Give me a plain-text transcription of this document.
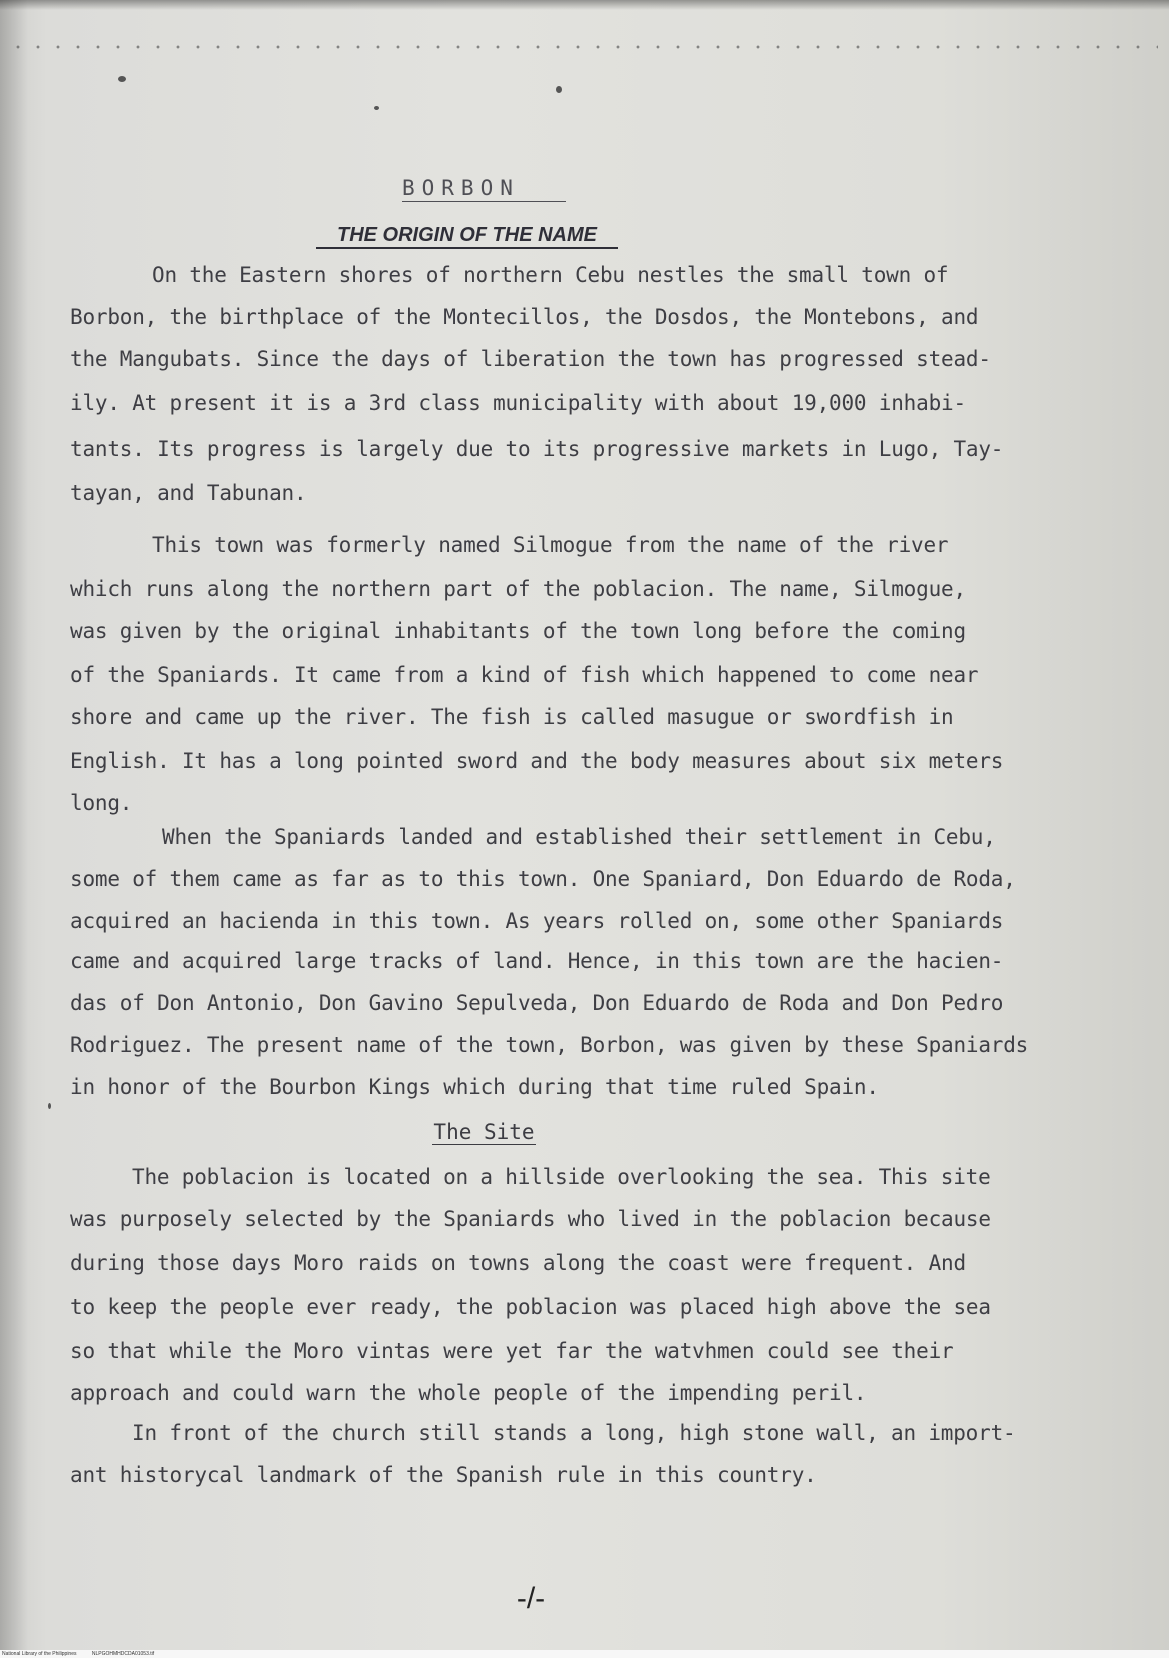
BORBON
THE ORIGIN OF THE NAME
On the Eastern shores of northern Cebu nestles the small town of
Borbon, the birthplace of the Montecillos, the Dosdos, the Montebons, and
the Mangubats. Since the days of liberation the town has progressed stead-
ily. At present it is a 3rd class municipality with about 19,000 inhabi-
tants. Its progress is largely due to its progressive markets in Lugo, Tay-
tayan, and Tabunan.
This town was formerly named Silmogue from the name of the river
which runs along the northern part of the poblacion. The name, Silmogue,
was given by the original inhabitants of the town long before the coming
of the Spaniards. It came from a kind of fish which happened to come near
shore and came up the river. The fish is called masugue or swordfish in
English. It has a long pointed sword and the body measures about six meters
long.
When the Spaniards landed and established their settlement in Cebu,
some of them came as far as to this town. One Spaniard, Don Eduardo de Roda,
acquired an hacienda in this town. As years rolled on, some other Spaniards
came and acquired large tracks of land. Hence, in this town are the hacien-
das of Don Antonio, Don Gavino Sepulveda, Don Eduardo de Roda and Don Pedro
Rodriguez. The present name of the town, Borbon, was given by these Spaniards
in honor of the Bourbon Kings which during that time ruled Spain.
The Site
The poblacion is located on a hillside overlooking the sea. This site
was purposely selected by the Spaniards who lived in the poblacion because
during those days Moro raids on towns along the coast were frequent. And
to keep the people ever ready, the poblacion was placed high above the sea
so that while the Moro vintas were yet far the watvhmen could see their
approach and could warn the whole people of the impending peril.
In front of the church still stands a long, high stone wall, an import-
ant historycal landmark of the Spanish rule in this country.
-/-
National Library of the Philippines	NLPGOHMHDCDA01053.tif
